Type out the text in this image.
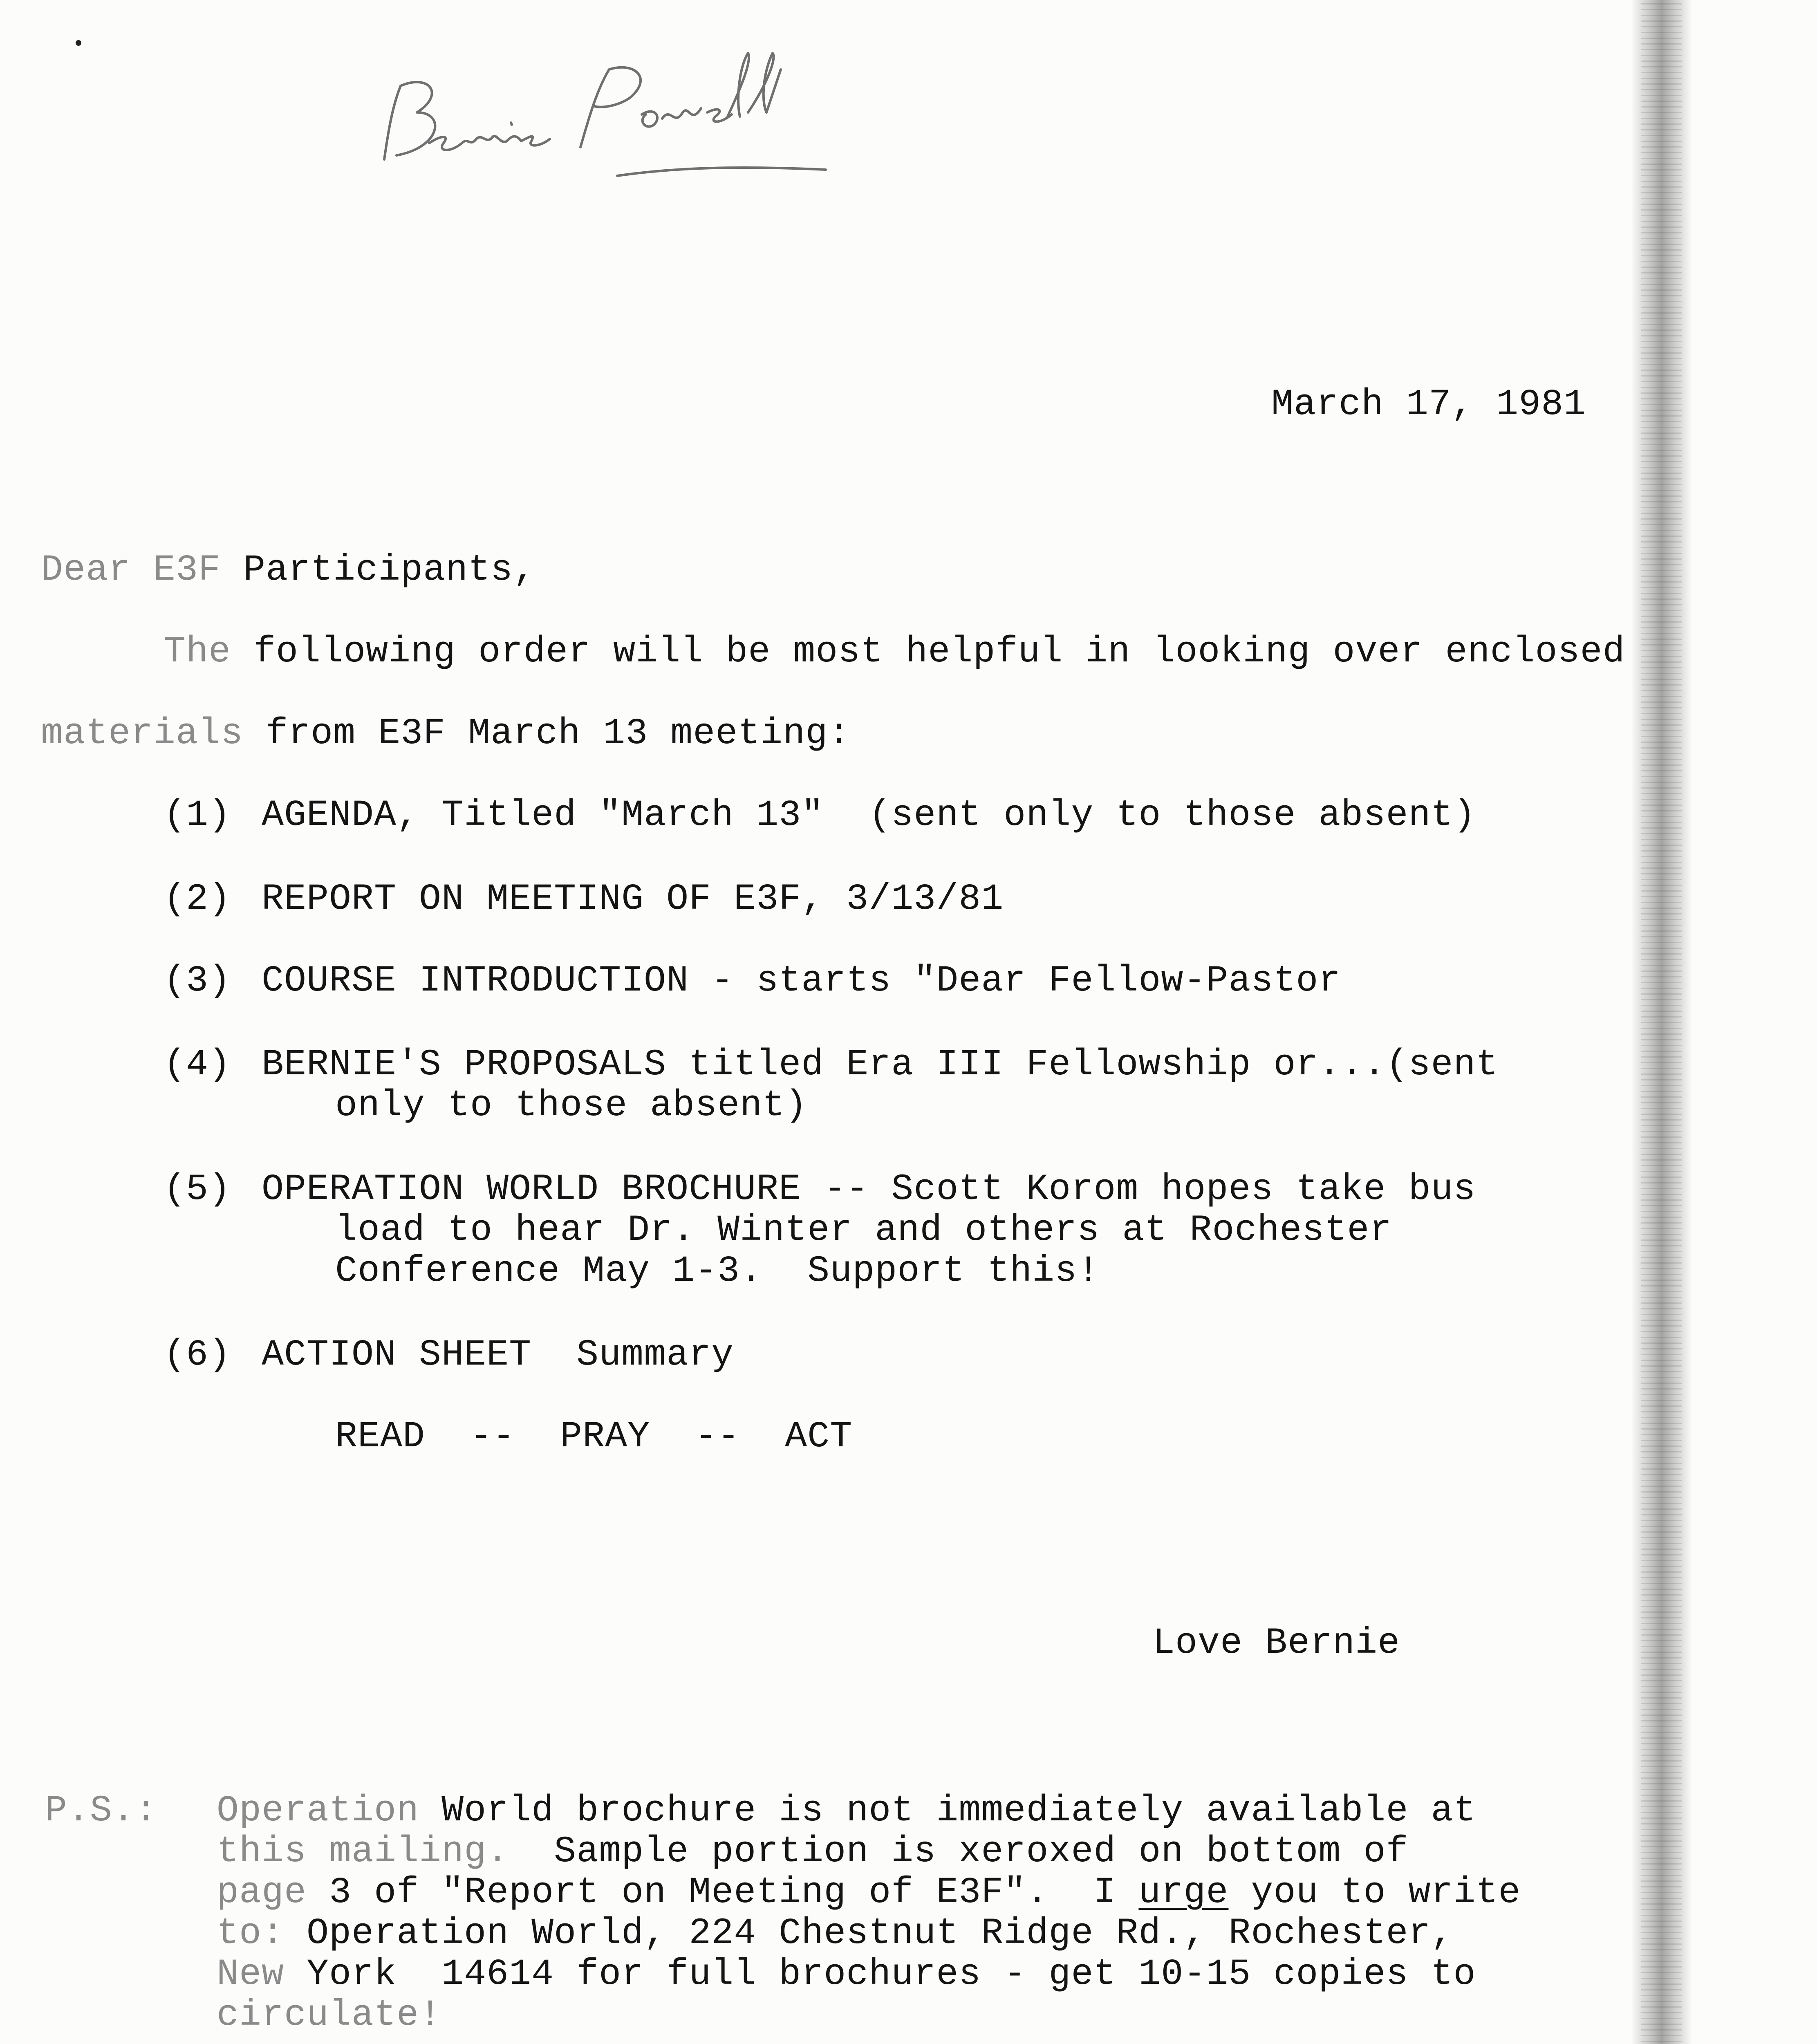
March 17, 1981
Dear E3F Participants,
The following order will be most helpful in looking over enclosed
materials from E3F March 13 meeting:
(1) AGENDA, Titled "March 13"  (sent only to those absent)
(2) REPORT ON MEETING OF E3F, 3/13/81
(3) COURSE INTRODUCTION - starts "Dear Fellow-Pastor
(4) BERNIE'S PROPOSALS titled Era III Fellowship or...(sent
only to those absent)
(5) OPERATION WORLD BROCHURE -- Scott Korom hopes take bus
load to hear Dr. Winter and others at Rochester
Conference May 1-3.  Support this!
(6) ACTION SHEET  Summary
READ  --  PRAY  --  ACT
Love Bernie
P.S.: Operation World brochure is not immediately available at
this mailing.  Sample portion is xeroxed on bottom of
page 3 of "Report on Meeting of E3F".  I urge you to write
to: Operation World, 224 Chestnut Ridge Rd., Rochester,
New York  14614 for full brochures - get 10-15 copies to
circulate!
